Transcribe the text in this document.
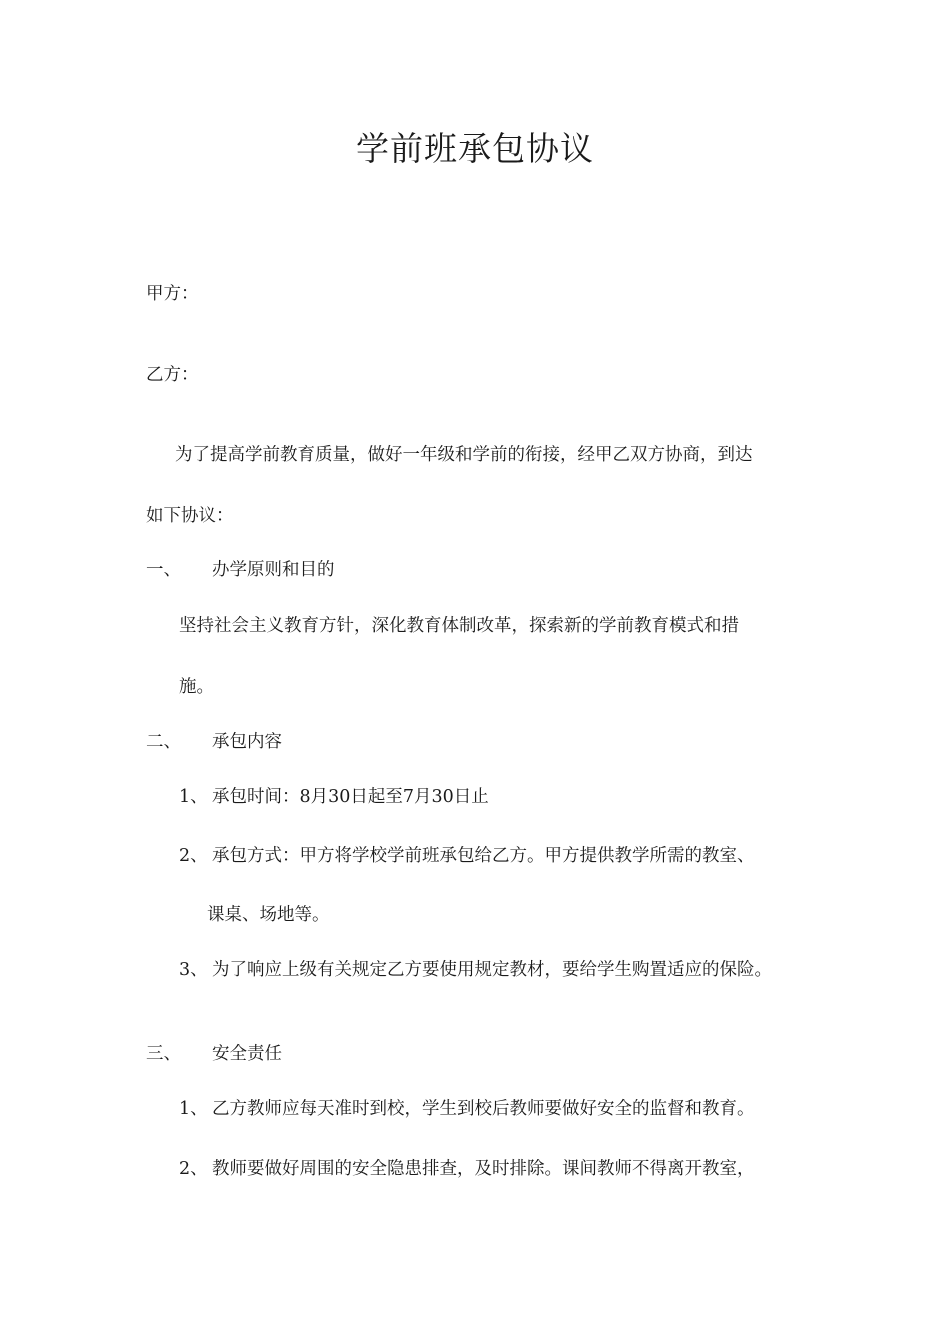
学前班承包协议
甲方：
乙方：
为了提高学前教育质量，做好一年级和学前的衔接，经甲乙双方协商，到达
如下协议：
一、 办学原则和目的
坚持社会主义教育方针，深化教育体制改革，探索新的学前教育模式和措
施。
二、 承包内容
1、 承包时间：8月30日起至7月30日止
2、 承包方式：甲方将学校学前班承包给乙方。甲方提供教学所需的教室、
课桌、场地等。
3、 为了响应上级有关规定乙方要使用规定教材，要给学生购置适应的保险。
三、 安全责任
1、 乙方教师应每天准时到校，学生到校后教师要做好安全的监督和教育。
2、 教师要做好周围的安全隐患排查，及时排除。课间教师不得离开教室，
